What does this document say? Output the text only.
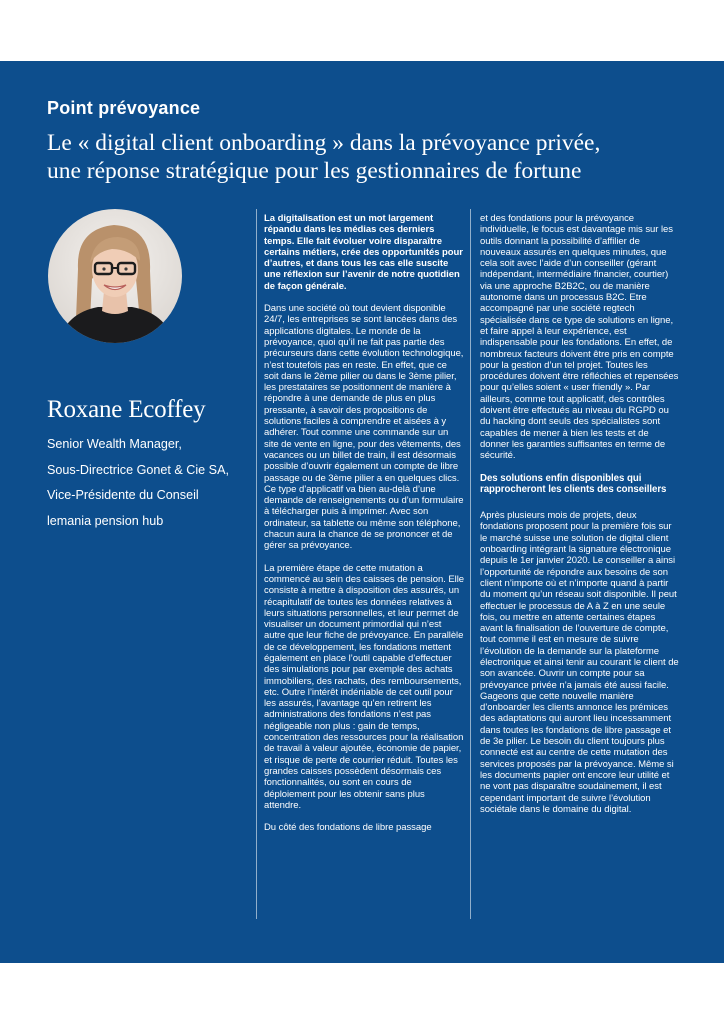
Point prévoyance
Le « digital client onboarding » dans la prévoyance privée,
une réponse stratégique pour les gestionnaires de fortune
Roxane Ecoffey
Senior Wealth Manager,
Sous-Directrice Gonet & Cie SA,
Vice-Présidente du Conseil
lemania pension hub

La digitalisation est un mot largement répandu dans les médias ces derniers temps. Elle fait évoluer voire disparaître certains métiers, crée des opportunités pour d’autres, et dans tous les cas elle suscite une réflexion sur l’avenir de notre quotidien de façon générale.

Dans une société où tout devient disponible 24/7, les entreprises se sont lancées dans des applications digitales. Le monde de la prévoyance, quoi qu’il ne fait pas partie des précurseurs dans cette évolution technologique, n’est toutefois pas en reste. En effet, que ce soit dans le 2ème pilier ou dans le 3ème pilier, les prestataires se positionnent de manière à répondre à une demande de plus en plus pressante, à savoir des propositions de solutions faciles à comprendre et aisées à y adhérer. Tout comme une commande sur un site de vente en ligne, pour des vêtements, des vacances ou un billet de train, il est désormais possible d’ouvrir également un compte de libre passage ou de 3ème pilier a en quelques clics. Ce type d’applicatif va bien au-delà d’une demande de renseignements ou d’un formulaire à télécharger puis à imprimer. Avec son ordinateur, sa tablette ou même son téléphone, chacun aura la chance de se prononcer et de gérer sa prévoyance.

La première étape de cette mutation a commencé au sein des caisses de pension. Elle consiste à mettre à disposition des assurés, un récapitulatif de toutes les données relatives à leurs situations personnelles, et leur permet de visualiser un document primordial qui n’est autre que leur fiche de prévoyance. En parallèle de ce développement, les fondations mettent également en place l’outil capable d’effectuer des simulations pour par exemple des achats immobiliers, des rachats, des remboursements, etc. Outre l’intérêt indéniable de cet outil pour les assurés, l’avantage qu’en retirent les administrations des fondations n’est pas négligeable non plus : gain de temps, concentration des ressources pour la réalisation de travail à valeur ajoutée, économie de papier, et risque de perte de courrier réduit. Toutes les grandes caisses possèdent désormais ces fonctionnalités, ou sont en cours de déploiement pour les obtenir sans plus attendre.

Du côté des fondations de libre passage

et des fondations pour la prévoyance individuelle, le focus est davantage mis sur les outils donnant la possibilité d’affilier de nouveaux assurés en quelques minutes, que cela soit avec l’aide d’un conseiller (gérant indépendant, intermédiaire financier, courtier) via une approche B2B2C, ou de manière autonome dans un processus B2C. Etre accompagné par une société regtech spécialisée dans ce type de solutions en ligne, et faire appel à leur expérience, est indispensable pour les fondations. En effet, de nombreux facteurs doivent être pris en compte pour la gestion d’un tel projet. Toutes les procédures doivent être réfléchies et repensées pour qu’elles soient « user friendly ». Par ailleurs, comme tout applicatif, des contrôles doivent être effectués au niveau du RGPD ou du hacking dont seuls des spécialistes sont capables de mener à bien les tests et de donner les garanties suffisantes en terme de sécurité.

Des solutions enfin disponibles qui rapprocheront les clients des conseillers

Après plusieurs mois de projets, deux fondations proposent pour la première fois sur le marché suisse une solution de digital client onboarding intégrant la signature électronique depuis le 1er janvier 2020. Le conseiller a ainsi l’opportunité de répondre aux besoins de son client n’importe où et n’importe quand à partir du moment qu’un réseau soit disponible. Il peut effectuer le processus de A à Z en une seule fois, ou mettre en attente certaines étapes avant la finalisation de l’ouverture de compte, tout comme il est en mesure de suivre l’évolution de la demande sur la plateforme électronique et ainsi tenir au courant le client de son avancée. Ouvrir un compte pour sa prévoyance privée n’a jamais été aussi facile. Gageons que cette nouvelle manière d’onboarder les clients annonce les prémices des adaptations qui auront lieu incessamment dans toutes les fondations de libre passage et de 3e pilier. Le besoin du client toujours plus connecté est au centre de cette mutation des services proposés par la prévoyance. Même si les documents papier ont encore leur utilité et ne vont pas disparaître soudainement, il est cependant important de suivre l’évolution sociétale dans le domaine du digital.
